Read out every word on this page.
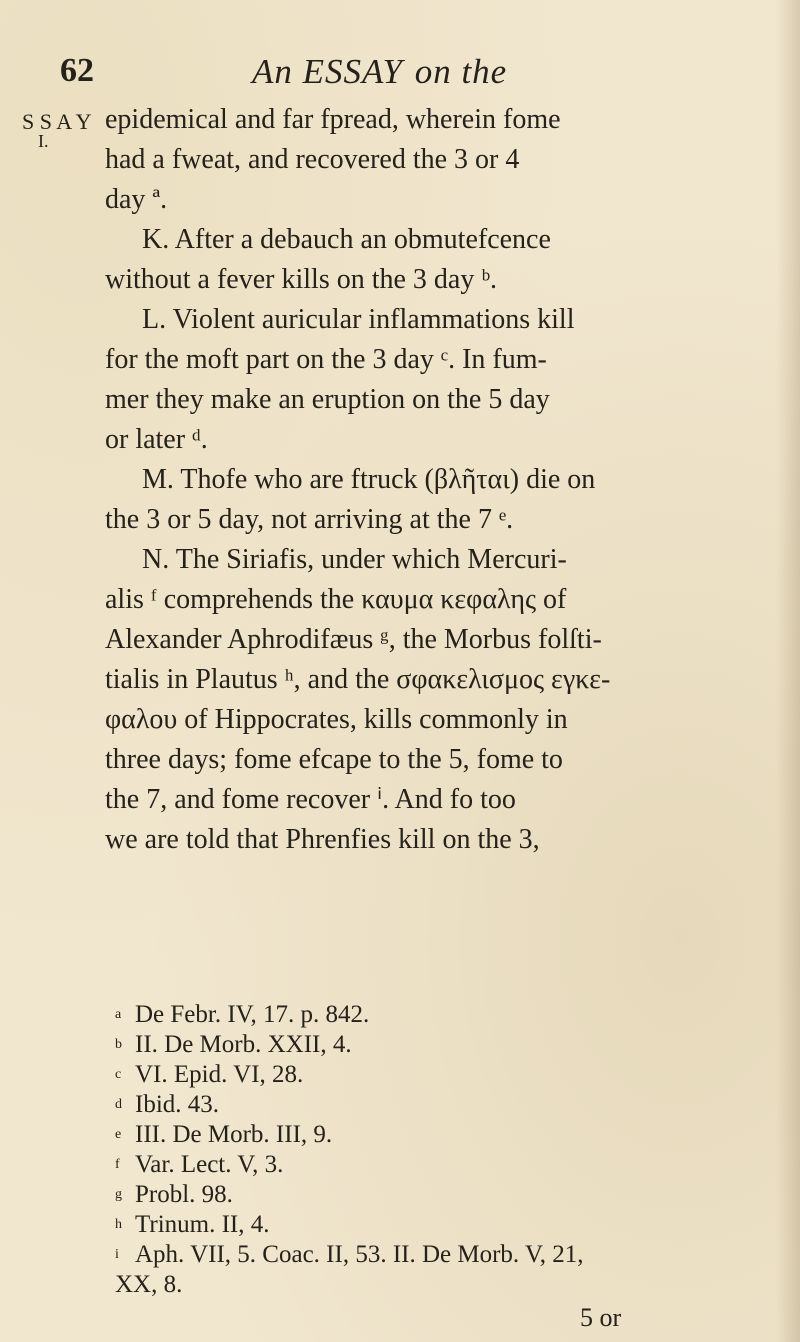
62	An ESSAY on the
S S A Y
I.
epidemical and far fpread, wherein fome
had a fweat, and recovered the 3 or 4
day ª.
K. After a debauch an obmutefcence
without a fever kills on the 3 day ᵇ.
L. Violent auricular inflammations kill
for the moft part on the 3 day ᶜ. In fum-
mer they make an eruption on the 5 day
or later ᵈ.
M. Thofe who are ftruck (βλῆται) die on
the 3 or 5 day, not arriving at the 7 ᵉ.
N. The Siriafis, under which Mercuri-
alis ᶠ comprehends the καυμα κεφαλης of
Alexander Aphrodifæus ᵍ, the Morbus folſti-
tialis in Plautus ʰ, and the σφακελισμος εγκε-
φαλου of Hippocrates, kills commonly in
three days; fome efcape to the 5, fome to
the 7, and fome recover ⁱ. And fo too
we are told that Phrenfies kill on the 3,
a De Febr. IV, 17. p. 842.
b II. De Morb. XXII, 4.
c VI. Epid. VI, 28.
d Ibid. 43.
e III. De Morb. III, 9.
f Var. Lect. V, 3.
g Probl. 98.
h Trinum. II, 4.
i Aph. VII, 5. Coac. II, 53. II. De Morb. V, 21,
XX, 8.
5 or
